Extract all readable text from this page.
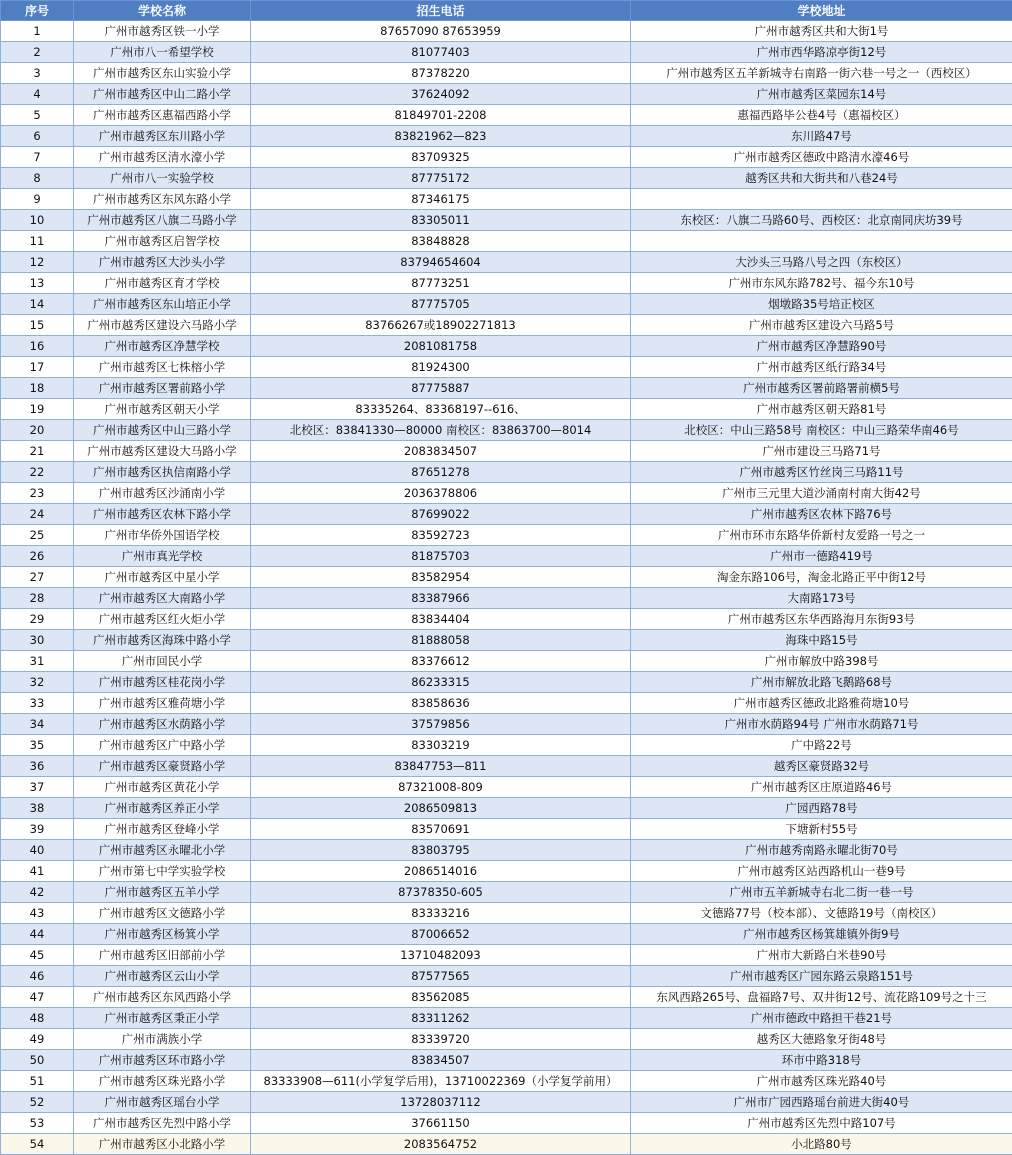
序号	学校名称	招生电话	学校地址
1	广州市越秀区铁一小学	87657090 87653959	广州市越秀区共和大街1号
2	广州市八一希望学校	81077403	广州市西华路凉亭街12号
3	广州市越秀区东山实验小学	87378220	广州市越秀区五羊新城寺右南路一街六巷一号之一（西校区）
4	广州市越秀区中山二路小学	37624092	广州市越秀区菜园东14号
5	广州市越秀区惠福西路小学	81849701-2208	惠福西路毕公巷4号（惠福校区）
6	广州市越秀区东川路小学	83821962—823	东川路47号
7	广州市越秀区清水濠小学	83709325	广州市越秀区德政中路清水濠46号
8	广州市八一实验学校	87775172	越秀区共和大街共和八巷24号
9	广州市越秀区东风东路小学	87346175	
10	广州市越秀区八旗二马路小学	83305011	东校区：八旗二马路60号、西校区：北京南同庆坊39号
11	广州市越秀区启智学校	83848828	
12	广州市越秀区大沙头小学	83794654604	大沙头三马路八号之四（东校区）
13	广州市越秀区育才学校	87773251	广州市东风东路782号、福今东10号
14	广州市越秀区东山培正小学	87775705	烟墩路35号培正校区
15	广州市越秀区建设六马路小学	83766267或18902271813	广州市越秀区建设六马路5号
16	广州市越秀区净慧学校	2081081758	广州市越秀区净慧路90号
17	广州市越秀区七株榕小学	81924300	广州市越秀区纸行路34号
18	广州市越秀区署前路小学	87775887	广州市越秀区署前路署前横5号
19	广州市越秀区朝天小学	83335264、83368197--616、	广州市越秀区朝天路81号
20	广州市越秀区中山三路小学	北校区：83841330—80000 南校区：83863700—8014	北校区：中山三路58号 南校区：中山三路荣华南46号
21	广州市越秀区建设大马路小学	2083834507	广州市建设三马路71号
22	广州市越秀区执信南路小学	87651278	广州市越秀区竹丝岗三马路11号
23	广州市越秀区沙涌南小学	2036378806	广州市三元里大道沙涌南村南大街42号
24	广州市越秀区农林下路小学	87699022	广州市越秀区农林下路76号
25	广州市华侨外国语学校	83592723	广州市环市东路华侨新村友爱路一号之一
26	广州市真光学校	81875703	广州市一德路419号
27	广州市越秀区中星小学	83582954	淘金东路106号，淘金北路正平中街12号
28	广州市越秀区大南路小学	83387966	大南路173号
29	广州市越秀区红火炬小学	83834404	广州市越秀区东华西路海月东街93号
30	广州市越秀区海珠中路小学	81888058	海珠中路15号
31	广州市回民小学	83376612	广州市解放中路398号
32	广州市越秀区桂花岗小学	86233315	广州市解放北路飞鹅路68号
33	广州市越秀区雅荷塘小学	83858636	广州市越秀区德政北路雅荷塘10号
34	广州市越秀区水荫路小学	37579856	广州市水荫路94号 广州市水荫路71号
35	广州市越秀区广中路小学	83303219	广中路22号
36	广州市越秀区豪贤路小学	83847753—811	越秀区豪贤路32号
37	广州市越秀区黄花小学	87321008-809	广州市越秀区庄原道路46号
38	广州市越秀区养正小学	2086509813	广园西路78号
39	广州市越秀区登峰小学	83570691	下塘新村55号
40	广州市越秀区永曜北小学	83803795	广州市越秀南路永曜北街70号
41	广州市第七中学实验学校	2086514016	广州市越秀区站西路机山一巷9号
42	广州市越秀区五羊小学	87378350-605	广州市五羊新城寺右北二街一巷一号
43	广州市越秀区文德路小学	83333216	文德路77号（校本部）、文德路19号（南校区）
44	广州市越秀区杨箕小学	87006652	广州市越秀区杨箕雄镇外街9号
45	广州市越秀区旧部前小学	13710482093	广州市大新路白米巷90号
46	广州市越秀区云山小学	87577565	广州市越秀区广园东路云泉路151号
47	广州市越秀区东风西路小学	83562085	东风西路265号、盘福路7号、双井街12号、流花路109号之十三
48	广州市越秀区秉正小学	83311262	广州市德政中路担干巷21号
49	广州市满族小学	83339720	越秀区大德路象牙街48号
50	广州市越秀区环市路小学	83834507	环市中路318号
51	广州市越秀区珠光路小学	83333908—611(小学复学后用)，13710022369（小学复学前用）	广州市越秀区珠光路40号
52	广州市越秀区瑶台小学	13728037112	广州市广园西路瑶台前进大街40号
53	广州市越秀区先烈中路小学	37661150	广州市越秀区先烈中路107号
54	广州市越秀区小北路小学	2083564752	小北路80号
